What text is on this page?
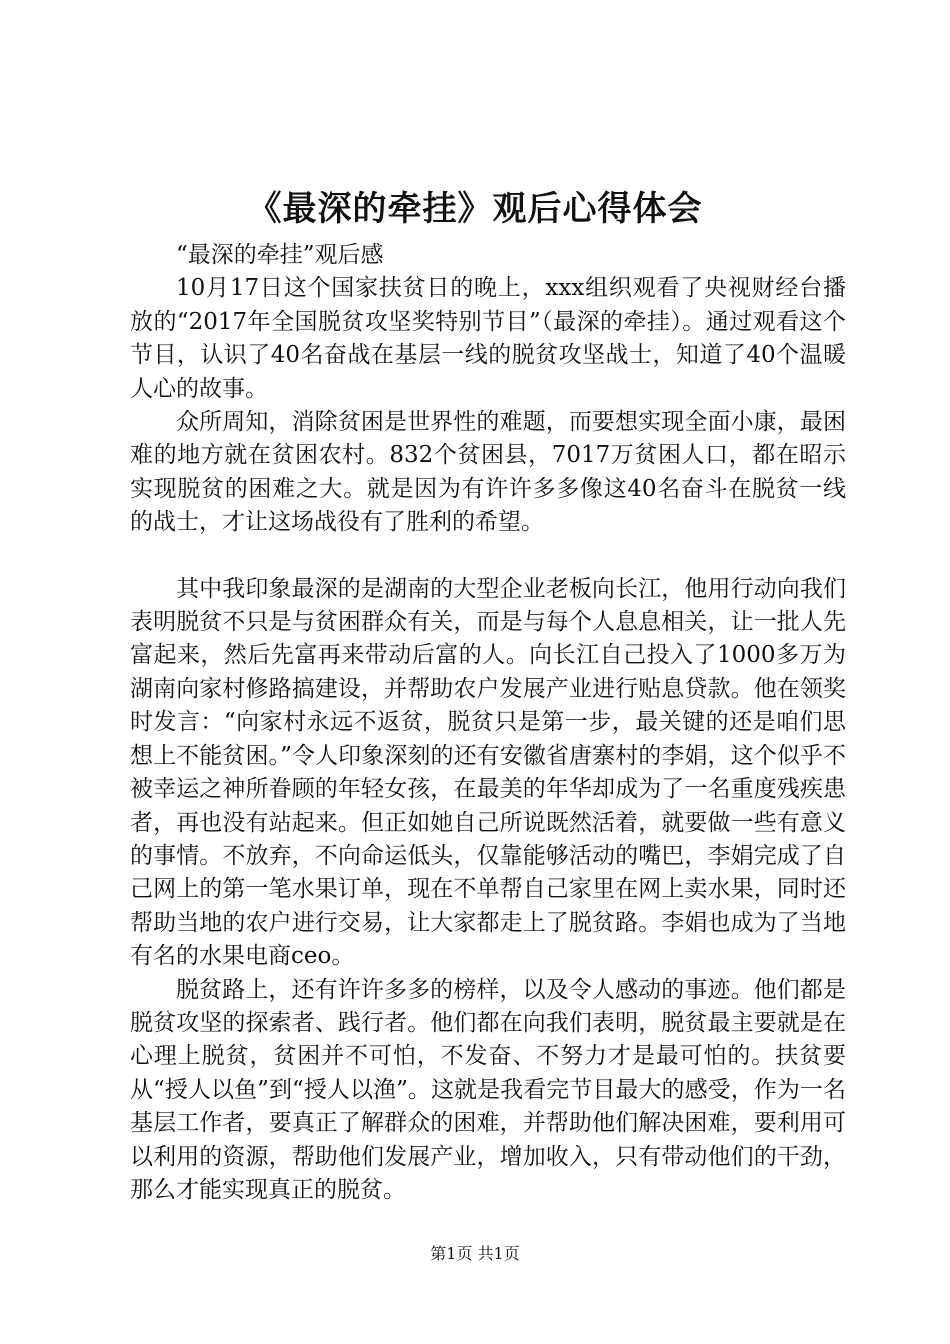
《最深的牵挂》观后心得体会

“最深的牵挂”观后感

10月17日这个国家扶贫日的晚上，xxx组织观看了央视财经台播放的“2017年全国脱贫攻坚奖特别节目”（最深的牵挂）。通过观看这个节目，认识了40名奋战在基层一线的脱贫攻坚战士，知道了40个温暖人心的故事。

众所周知，消除贫困是世界性的难题，而要想实现全面小康，最困难的地方就在贫困农村。832个贫困县，7017万贫困人口，都在昭示实现脱贫的困难之大。就是因为有许许多多像这40名奋斗在脱贫一线的战士，才让这场战役有了胜利的希望。

其中我印象最深的是湖南的大型企业老板向长江，他用行动向我们表明脱贫不只是与贫困群众有关，而是与每个人息息相关，让一批人先富起来，然后先富再来带动后富的人。向长江自己投入了1000多万为湖南向家村修路搞建设，并帮助农户发展产业进行贴息贷款。他在领奖时发言：“向家村永远不返贫，脱贫只是第一步，最关键的还是咱们思想上不能贫困。”令人印象深刻的还有安徽省唐寨村的李娟，这个似乎不被幸运之神所眷顾的年轻女孩，在最美的年华却成为了一名重度残疾患者，再也没有站起来。但正如她自己所说既然活着，就要做一些有意义的事情。不放弃，不向命运低头，仅靠能够活动的嘴巴，李娟完成了自己网上的第一笔水果订单，现在不单帮自己家里在网上卖水果，同时还帮助当地的农户进行交易，让大家都走上了脱贫路。李娟也成为了当地有名的水果电商ceo。

脱贫路上，还有许许多多的榜样，以及令人感动的事迹。他们都是脱贫攻坚的探索者、践行者。他们都在向我们表明，脱贫最主要就是在心理上脱贫，贫困并不可怕，不发奋、不努力才是最可怕的。扶贫要从“授人以鱼”到“授人以渔”。这就是我看完节目最大的感受，作为一名基层工作者，要真正了解群众的困难，并帮助他们解决困难，要利用可以利用的资源，帮助他们发展产业，增加收入，只有带动他们的干劲，那么才能实现真正的脱贫。

第1页 共1页
